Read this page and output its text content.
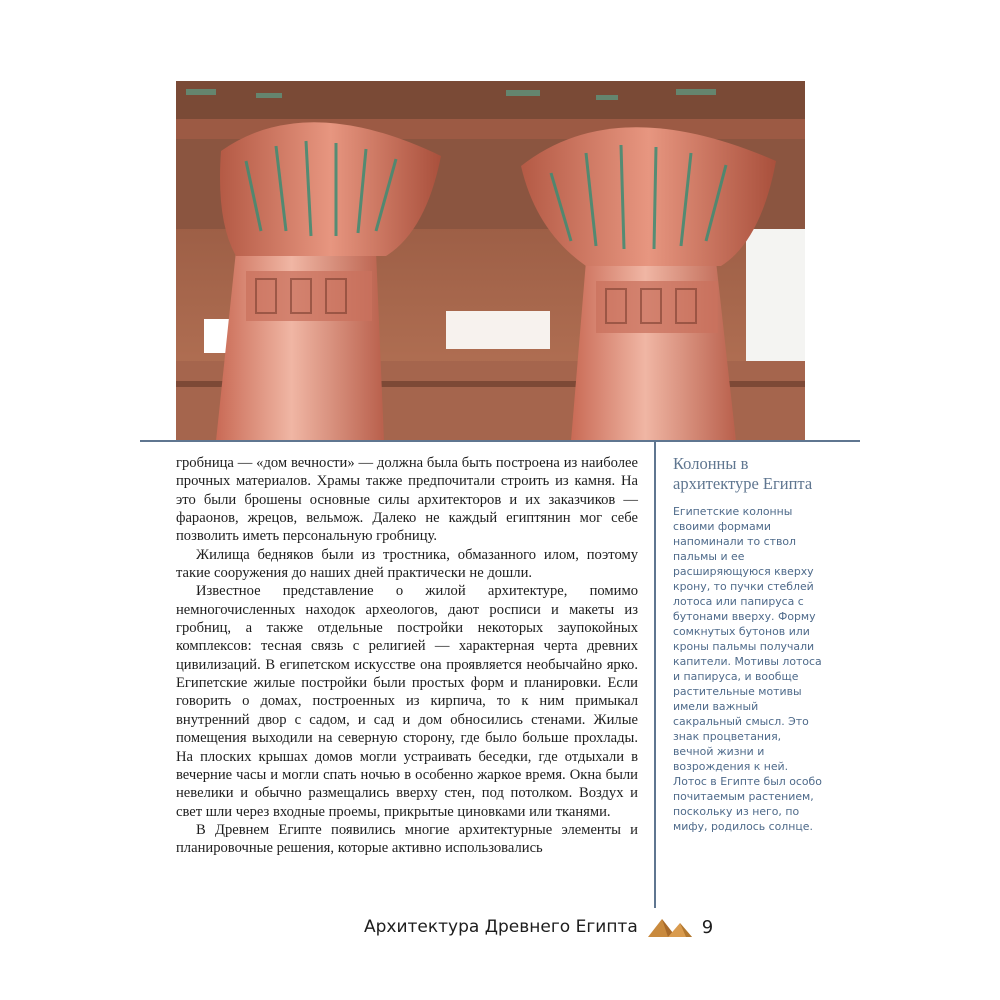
гробница — «дом вечности» — должна была быть построена из наиболее прочных материалов. Храмы также предпочитали строить из камня. На это были брошены основные силы архитекторов и их заказчиков — фараонов, жрецов, вельмож. Далеко не каждый египтянин мог себе позволить иметь персональную гробницу.

Жилища бедняков были из тростника, обмазанного илом, поэтому такие сооружения до наших дней практически не дошли.

Известное представление о жилой архитектуре, помимо немногочисленных находок археологов, дают росписи и макеты из гробниц, а также отдельные постройки некоторых заупокойных комплексов: тесная связь с религией — характерная черта древних цивилизаций. В египетском искусстве она проявляется необычайно ярко. Египетские жилые постройки были простых форм и планировки. Если говорить о домах, построенных из кирпича, то к ним примыкал внутренний двор с садом, и сад и дом обносились стенами. Жилые помещения выходили на северную сторону, где было больше прохлады. На плоских крышах домов могли устраивать беседки, где отдыхали в вечерние часы и могли спать ночью в особенно жаркое время. Окна были невелики и обычно размещались вверху стен, под потолком. Воздух и свет шли через входные проемы, прикрытые циновками или тканями.

В Древнем Египте появились многие архитектурные элементы и планировочные решения, которые активно использовались

Колонны в архитектуре Египта

Египетские колонны своими формами напоминали то ствол пальмы и ее расширяющуюся кверху крону, то пучки стеблей лотоса или папируса с бутонами вверху. Форму сомкнутых бутонов или кроны пальмы получали капители. Мотивы лотоса и папируса, и вообще растительные мотивы имели важный сакральный смысл. Это знак процветания, вечной жизни и возрождения к ней. Лотос в Египте был особо почитаемым растением, поскольку из него, по мифу, родилось солнце.

Архитектура Древнего Египта	9
